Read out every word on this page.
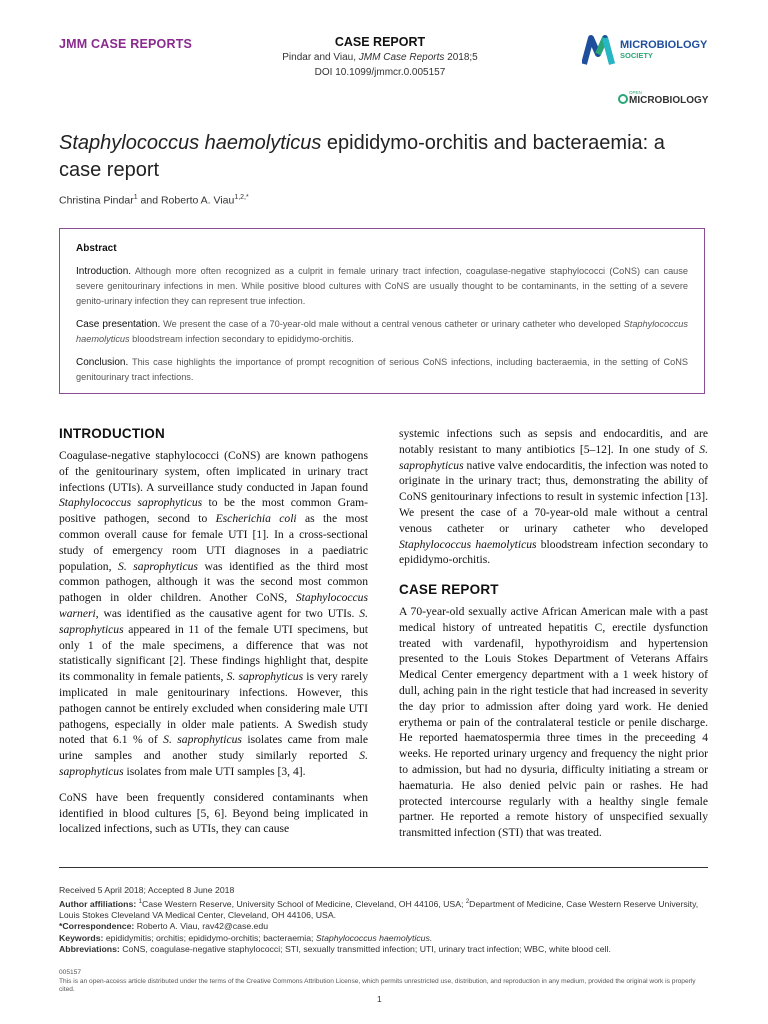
JMM CASE REPORTS	CASE REPORT
Pindar and Viau, JMM Case Reports 2018;5
DOI 10.1099/jmmcr.0.005157
MICROBIOLOGY
SOCIETY
OPEN
MICROBIOLOGY
Staphylococcus haemolyticus epididymo-orchitis and bacteraemia: a case report
Christina Pindar$^1$ and Roberto A. Viau$^{1,2,*}$
Abstract

Introduction. Although more often recognized as a culprit in female urinary tract infection, coagulase-negative staphylococci (CoNS) can cause severe genitourinary infections in men. While positive blood cultures with CoNS are usually thought to be contaminants, in the setting of a severe genito-urinary infection they can represent true infection.

Case presentation. We present the case of a 70-year-old male without a central venous catheter or urinary catheter who developed Staphylococcus haemolyticus bloodstream infection secondary to epididymo-orchitis.

Conclusion. This case highlights the importance of prompt recognition of serious CoNS infections, including bacteraemia, in the setting of CoNS genitourinary tract infections.

INTRODUCTION

Coagulase-negative staphylococci (CoNS) are known pathogens of the genitourinary system, often implicated in urinary tract infections (UTIs). A surveillance study conducted in Japan found Staphylococcus saprophyticus to be the most common Gram-positive pathogen, second to Escherichia coli as the most common overall cause for female UTI [1]. In a cross-sectional study of emergency room UTI diagnoses in a paediatric population, S. saprophyticus was identified as the third most common pathogen, although it was the second most common pathogen in older children. Another CoNS, Staphylococcus warneri, was identified as the causative agent for two UTIs. S. saprophyticus appeared in 11 of the female UTI specimens, but only 1 of the male specimens, a difference that was not statistically significant [2]. These findings highlight that, despite its commonality in female patients, S. saprophyticus is very rarely implicated in male genitourinary infections. However, this pathogen cannot be entirely excluded when considering male UTI pathogens, especially in older male patients. A Swedish study noted that 6.1 % of S. saprophyticus isolates came from male urine samples and another study similarly reported S. saprophyticus isolates from male UTI samples [3, 4].

CoNS have been frequently considered contaminants when identified in blood cultures [5, 6]. Beyond being implicated in localized infections, such as UTIs, they can cause

systemic infections such as sepsis and endocarditis, and are notably resistant to many antibiotics [5–12]. In one study of S. saprophyticus native valve endocarditis, the infection was noted to originate in the urinary tract; thus, demonstrating the ability of CoNS genitourinary infections to result in systemic infection [13]. We present the case of a 70-year-old male without a central venous catheter or urinary catheter who developed Staphylococcus haemolyticus bloodstream infection secondary to epididymo-orchitis.

CASE REPORT

A 70-year-old sexually active African American male with a past medical history of untreated hepatitis C, erectile dysfunction treated with vardenafil, hypothyroidism and hypertension presented to the Louis Stokes Department of Veterans Affairs Medical Center emergency department with a 1 week history of dull, aching pain in the right testicle that had increased in severity the day prior to admission after doing yard work. He denied erythema or pain of the contralateral testicle or penile discharge. He reported haematospermia three times in the preceeding 4 weeks. He reported urinary urgency and frequency the night prior to admission, but had no dysuria, difficulty initiating a stream or haematuria. He also denied pelvic pain or rashes. He had protected intercourse regularly with a healthy single female partner. He reported a remote history of unspecified sexually transmitted infection (STI) that was treated.

Received 5 April 2018; Accepted 8 June 2018

Author affiliations: $^1$Case Western Reserve, University School of Medicine, Cleveland, OH 44106, USA; $^2$Department of Medicine, Case Western Reserve University, Louis Stokes Cleveland VA Medical Center, Cleveland, OH 44106, USA.

*Correspondence: Roberto A. Viau, rav42@case.edu

Keywords: epididymitis; orchitis; epididymo-orchitis; bacteraemia; Staphylococcus haemolyticus.

Abbreviations: CoNS, coagulase-negative staphylococci; STI, sexually transmitted infection; UTI, urinary tract infection; WBC, white blood cell.

005157

This is an open-access article distributed under the terms of the Creative Commons Attribution License, which permits unrestricted use, distribution, and reproduction in any medium, provided the original work is properly cited.

1
